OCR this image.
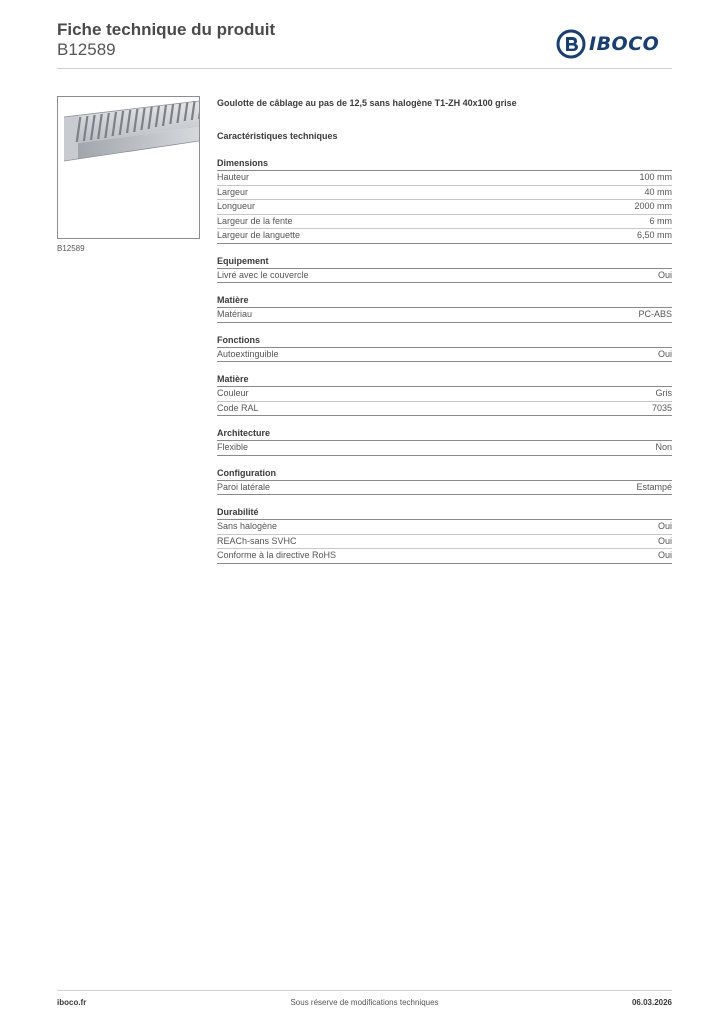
Fiche technique du produit
B12589	IBOCO
B12589
Goulotte de câblage au pas de 12,5 sans halogène T1-ZH 40x100 grise
Caractéristiques techniques
Dimensions
Hauteur	100 mm
Largeur	40 mm
Longueur	2000 mm
Largeur de la fente	6 mm
Largeur de languette	6,50 mm
Equipement
Livré avec le couvercle	Oui
Matière
Matériau	PC-ABS
Fonctions
Autoextinguible	Oui
Matière
Couleur	Gris
Code RAL	7035
Architecture
Flexible	Non
Configuration
Paroi latérale	Estampé
Durabilité
Sans halogène	Oui
REACh-sans SVHC	Oui
Conforme à la directive RoHS	Oui
iboco.fr	Sous réserve de modifications techniques	06.03.2026
